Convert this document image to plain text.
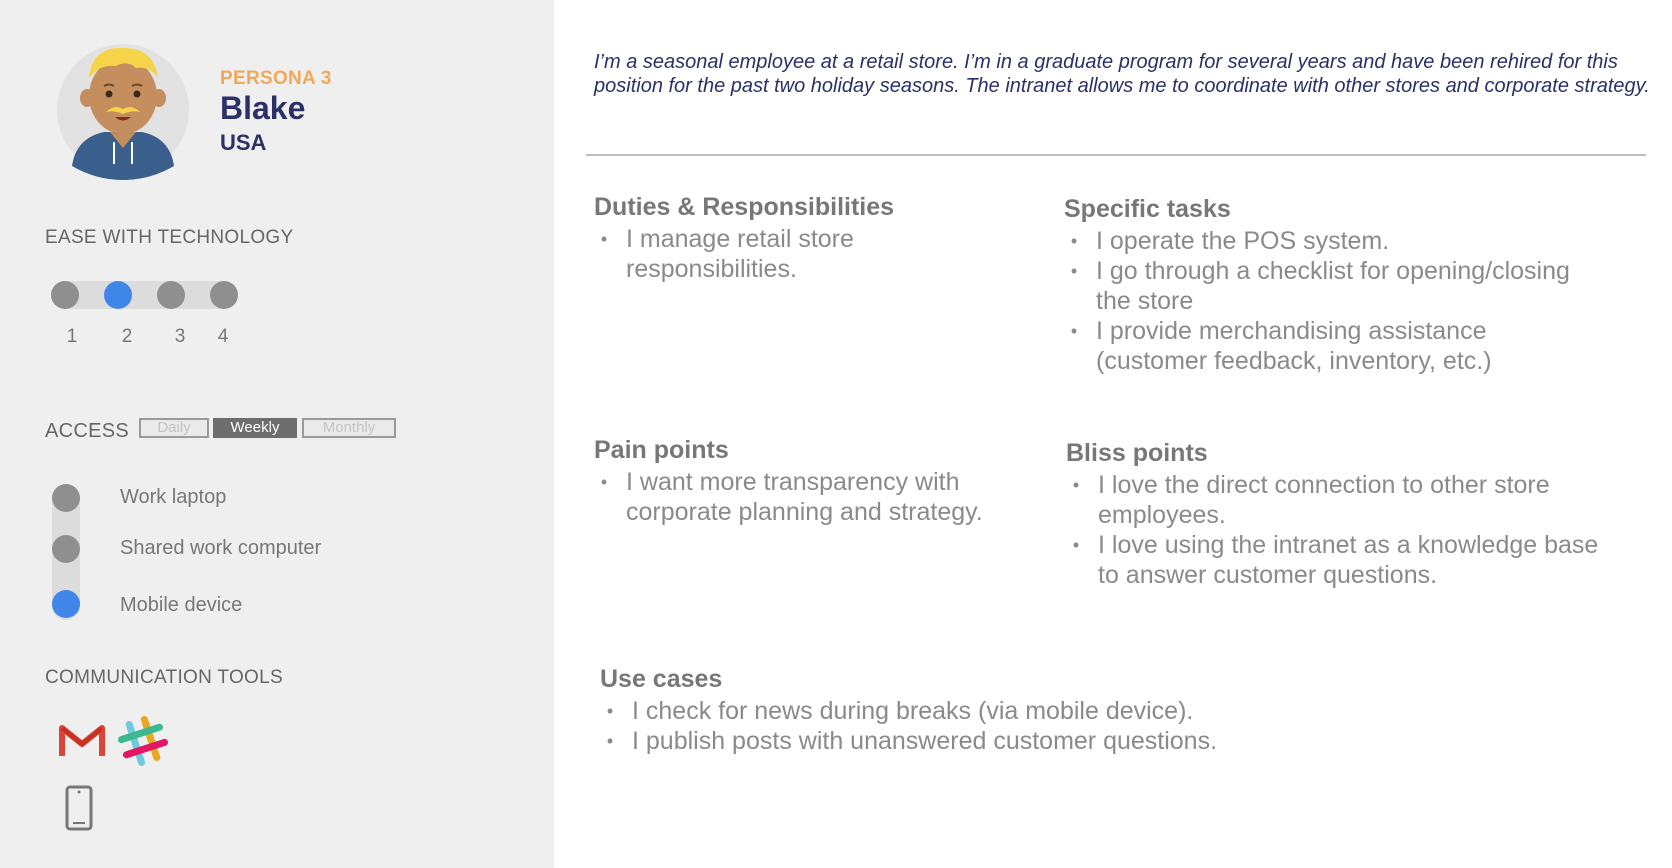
PERSONA 3
Blake
USA
EASE WITH TECHNOLOGY
1	2	3	4
ACCESS	Daily	Weekly	Monthly
Work laptop
Shared work computer
Mobile device
COMMUNICATION TOOLS
I’m a seasonal employee at a retail store. I’m in a graduate program for several years and have been rehired for this position for the past two holiday seasons. The intranet allows me to coordinate with other stores and corporate strategy.
Duties & Responsibilities
• I manage retail store responsibilities.
Specific tasks
• I operate the POS system.
• I go through a checklist for opening/closing the store
• I provide merchandising assistance (customer feedback, inventory, etc.)
Pain points
• I want more transparency with corporate planning and strategy.
Bliss points
• I love the direct connection to other store employees.
• I love using the intranet as a knowledge base to answer customer questions.
Use cases
• I check for news during breaks (via mobile device).
• I publish posts with unanswered customer questions.
